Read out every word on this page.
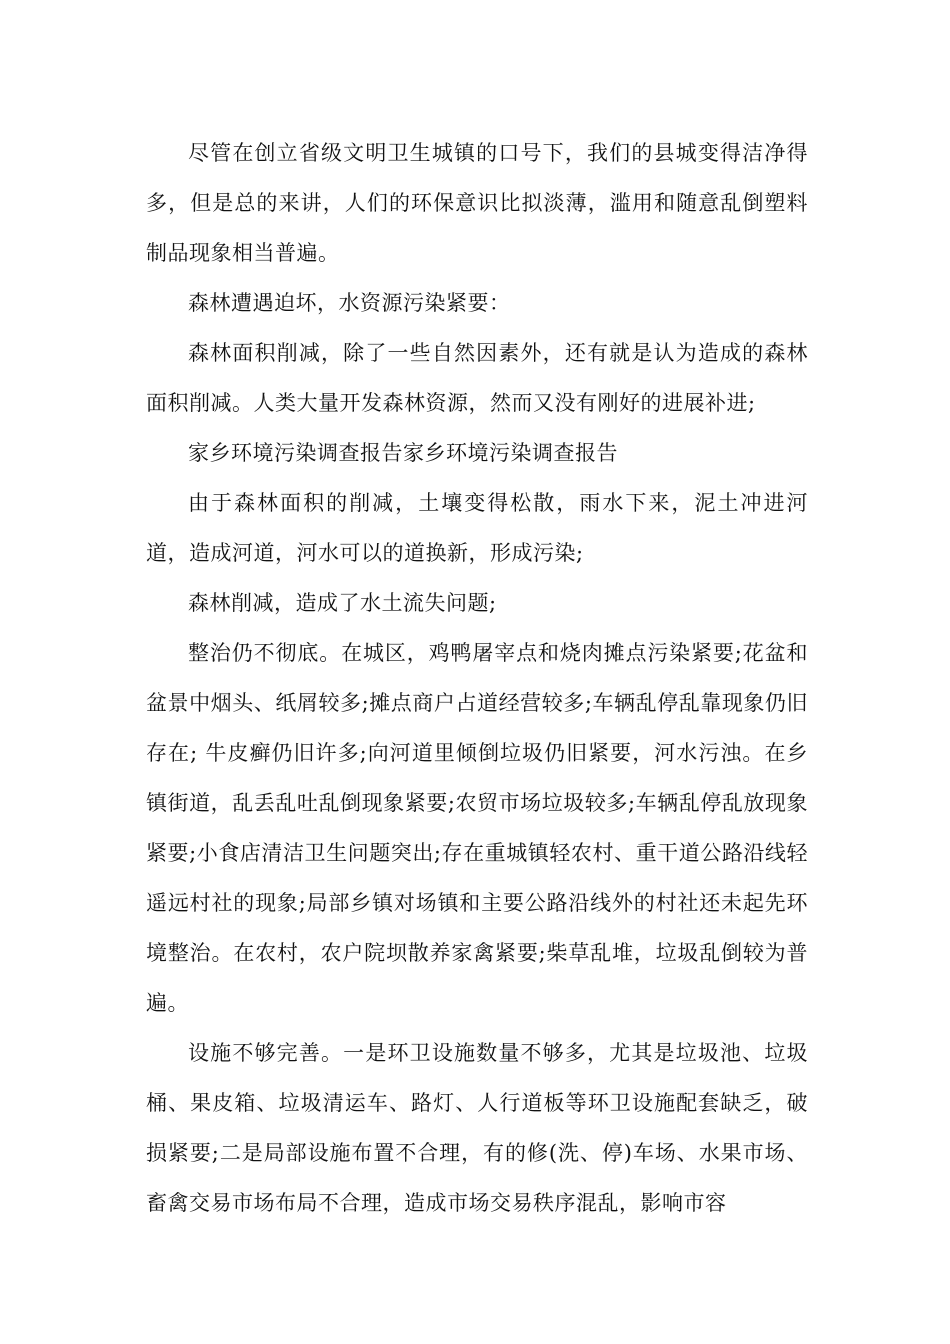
尽管在创立省级文明卫生城镇的口号下，我们的县城变得洁净得多，但是总的来讲，人们的环保意识比拟淡薄，滥用和随意乱倒塑料制品现象相当普遍。

森林遭遇迫坏，水资源污染紧要：

森林面积削减，除了一些自然因素外，还有就是认为造成的森林面积削减。人类大量开发森林资源，然而又没有刚好的进展补进;

家乡环境污染调查报告家乡环境污染调查报告

由于森林面积的削减，土壤变得松散，雨水下来，泥土冲进河道，造成河道，河水可以的道换新，形成污染;

森林削减，造成了水土流失问题;

整治仍不彻底。在城区，鸡鸭屠宰点和烧肉摊点污染紧要;花盆和盆景中烟头、纸屑较多;摊点商户占道经营较多;车辆乱停乱靠现象仍旧存在; 牛皮癣仍旧许多;向河道里倾倒垃圾仍旧紧要，河水污浊。在乡镇街道，乱丢乱吐乱倒现象紧要;农贸市场垃圾较多;车辆乱停乱放现象紧要;小食店清洁卫生问题突出;存在重城镇轻农村、重干道公路沿线轻遥远村社的现象;局部乡镇对场镇和主要公路沿线外的村社还未起先环境整治。在农村，农户院坝散养家禽紧要;柴草乱堆，垃圾乱倒较为普遍。

设施不够完善。一是环卫设施数量不够多，尤其是垃圾池、垃圾桶、果皮箱、垃圾清运车、路灯、人行道板等环卫设施配套缺乏，破损紧要;二是局部设施布置不合理，有的修(洗、停)车场、水果市场、畜禽交易市场布局不合理，造成市场交易秩序混乱，影响市容
